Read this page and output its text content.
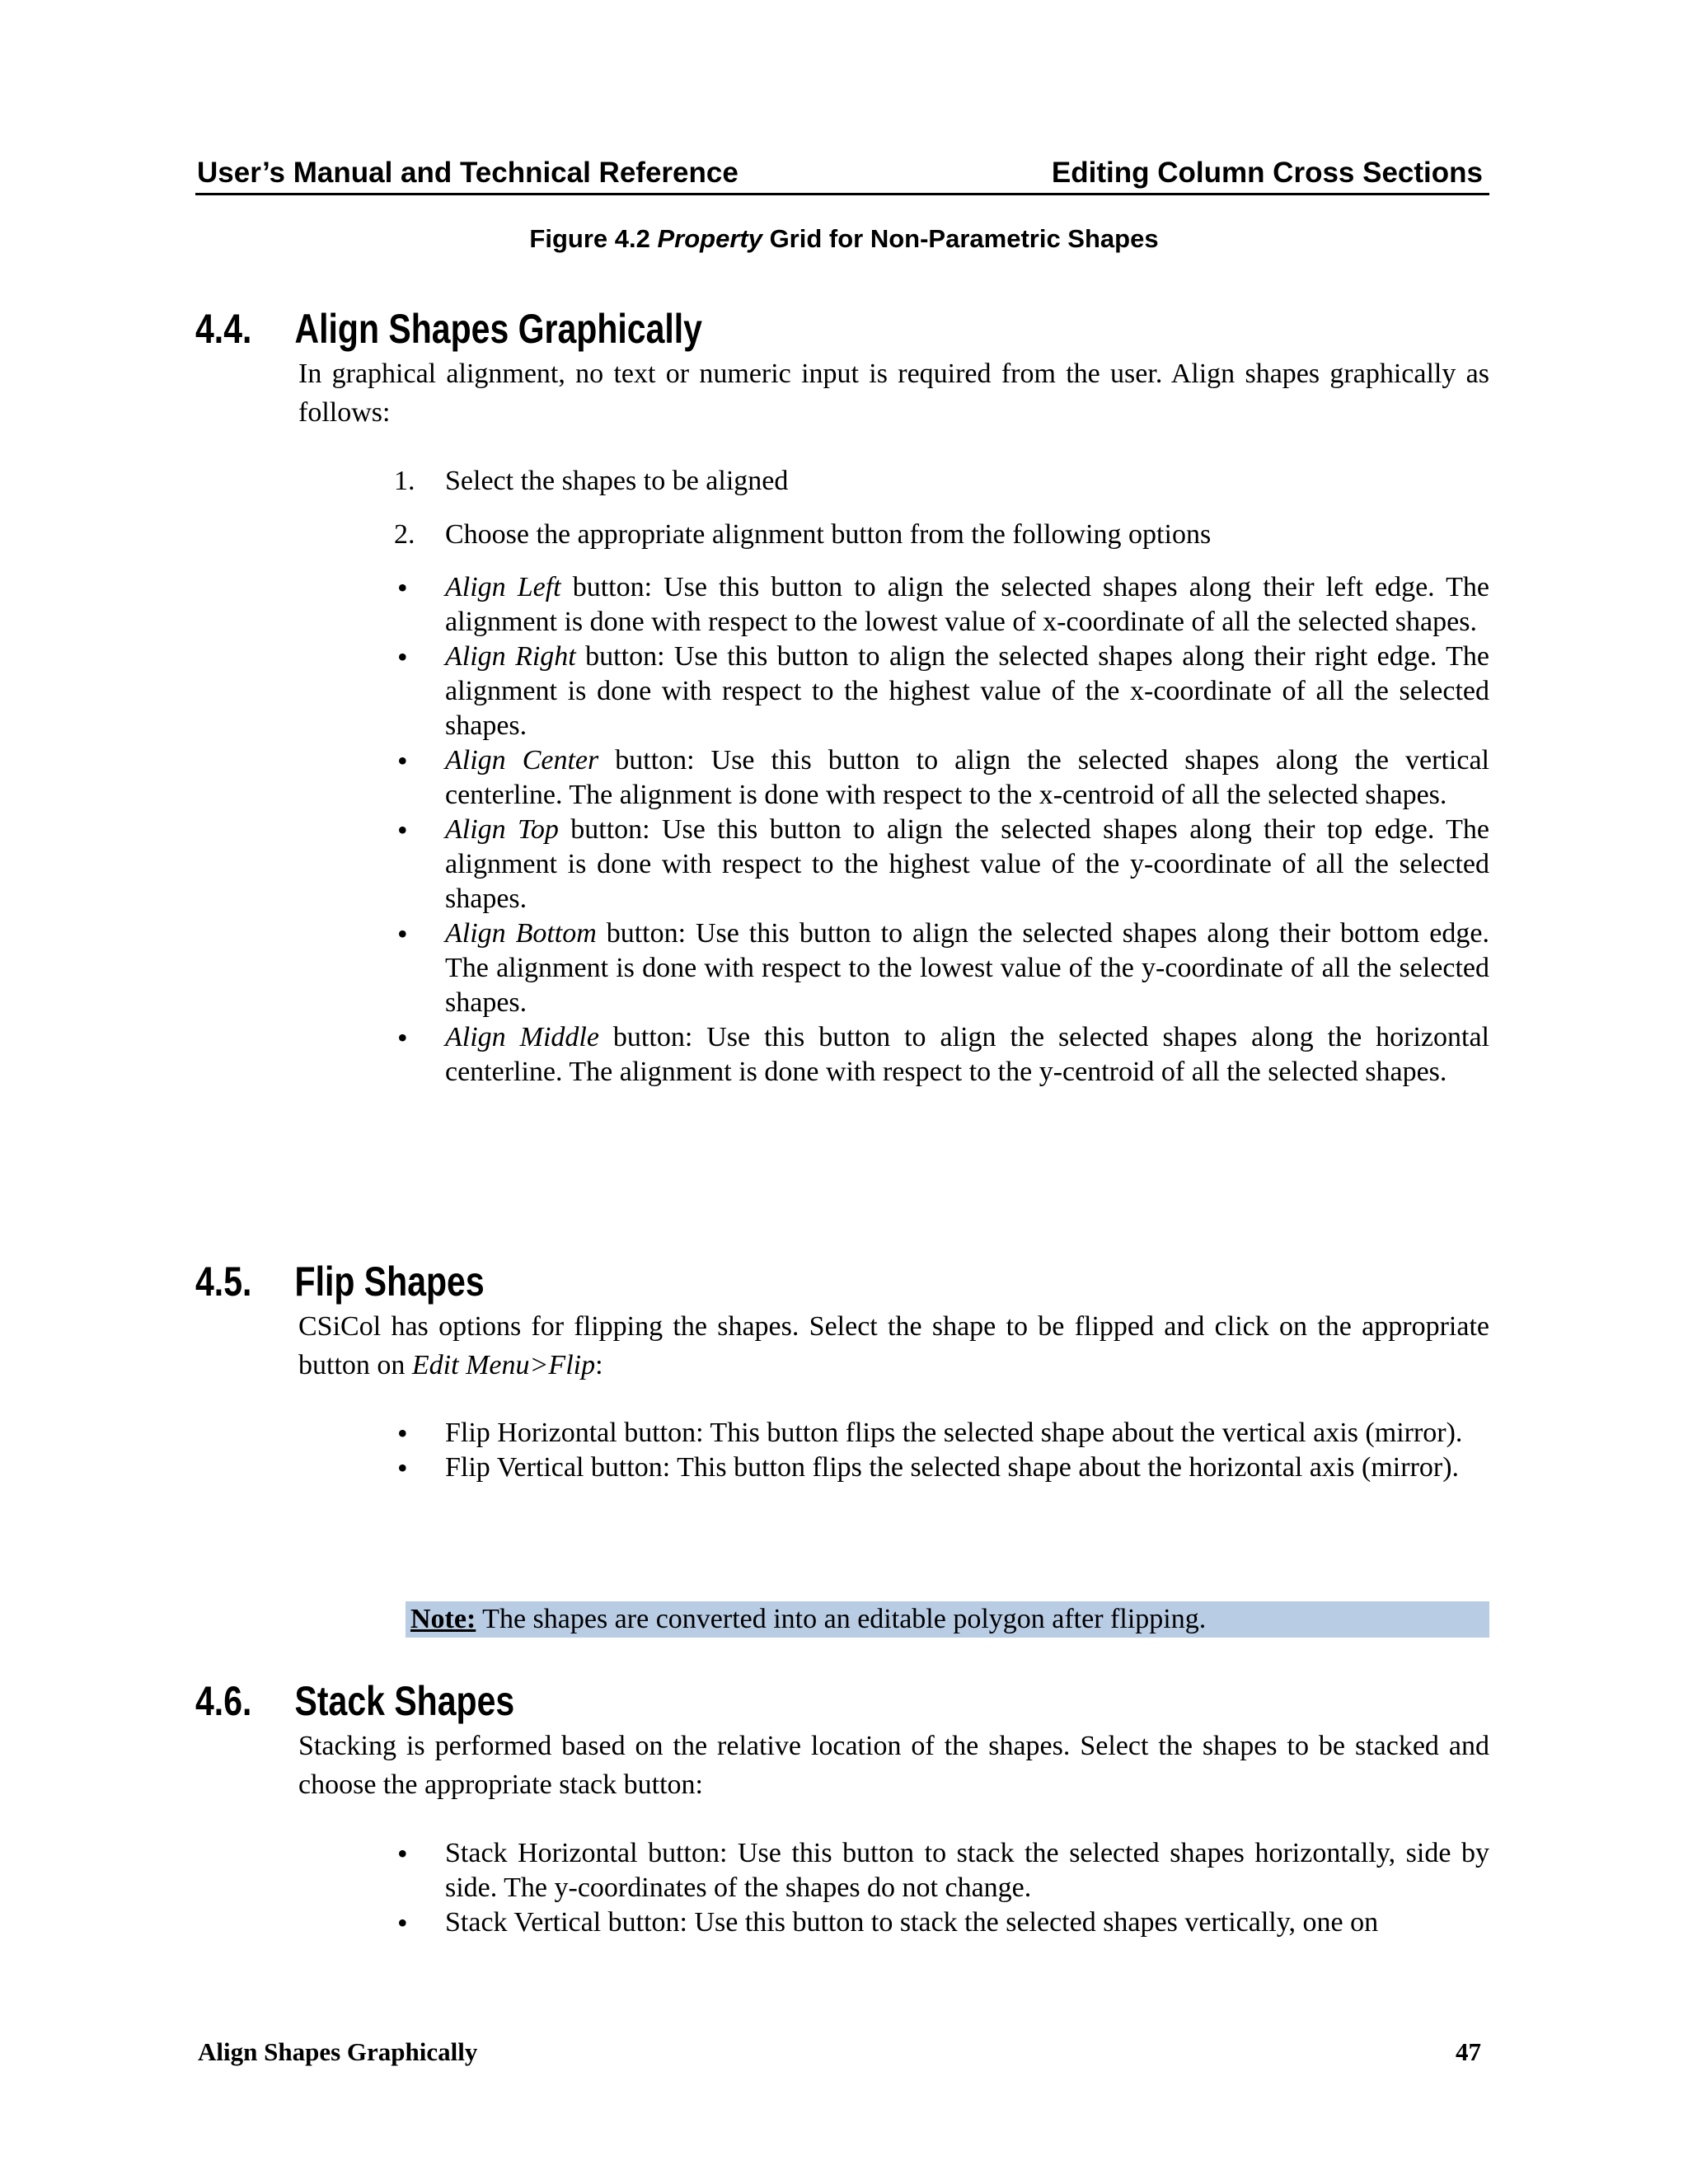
User’s Manual and Technical Reference	Editing Column Cross Sections
Figure 4.2 Property Grid for Non-Parametric Shapes
4.4. Align Shapes Graphically
In graphical alignment, no text or numeric input is required from the user. Align shapes graphically as follows:
1. Select the shapes to be aligned
2. Choose the appropriate alignment button from the following options
• Align Left button: Use this button to align the selected shapes along their left edge. The alignment is done with respect to the lowest value of x-coordinate of all the selected shapes.
• Align Right button: Use this button to align the selected shapes along their right edge. The alignment is done with respect to the highest value of the x-coordinate of all the selected shapes.
• Align Center button: Use this button to align the selected shapes along the vertical centerline. The alignment is done with respect to the x-centroid of all the selected shapes.
• Align Top button: Use this button to align the selected shapes along their top edge. The alignment is done with respect to the highest value of the y-coordinate of all the selected shapes.
• Align Bottom button: Use this button to align the selected shapes along their bottom edge. The alignment is done with respect to the lowest value of the y-coordinate of all the selected shapes.
• Align Middle button: Use this button to align the selected shapes along the horizontal centerline. The alignment is done with respect to the y-centroid of all the selected shapes.
4.5. Flip Shapes
CSiCol has options for flipping the shapes. Select the shape to be flipped and click on the appropriate button on Edit Menu>Flip:
• Flip Horizontal button: This button flips the selected shape about the vertical axis (mirror).
• Flip Vertical button: This button flips the selected shape about the horizontal axis (mirror).
Note: The shapes are converted into an editable polygon after flipping.
4.6. Stack Shapes
Stacking is performed based on the relative location of the shapes. Select the shapes to be stacked and choose the appropriate stack button:
• Stack Horizontal button: Use this button to stack the selected shapes horizontally, side by side. The y-coordinates of the shapes do not change.
• Stack Vertical button: Use this button to stack the selected shapes vertically, one on
Align Shapes Graphically	47
